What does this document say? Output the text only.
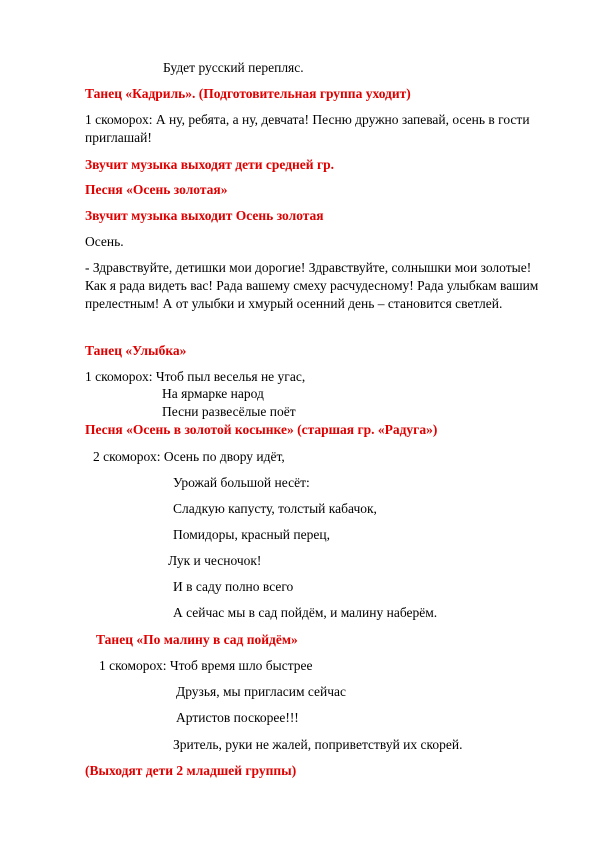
Будет русский перепляс.
Танец «Кадриль». (Подготовительная группа уходит)
1 скоморох: А ну, ребята, а ну, девчата! Песню дружно запевай, осень в гости
приглашай!
Звучит музыка выходят дети средней гр.
Песня «Осень золотая»
Звучит музыка выходит Осень золотая
Осень.
- Здравствуйте, детишки мои дорогие! Здравствуйте, солнышки мои золотые! Как я рада видеть вас! Рада вашему смеху расчудесному! Рада улыбкам вашим прелестным! А от улыбки и хмурый осенний день – становится светлей.
Танец «Улыбка»
1 скоморох: Чтоб пыл веселья не угас,
На ярмарке народ
Песни развесёлые поёт
Песня «Осень в золотой косынке» (старшая гр. «Радуга»)
2 скоморох: Осень по двору идёт,
Урожай большой несёт:
Сладкую капусту, толстый кабачок,
Помидоры, красный перец,
Лук и чесночок!
И в саду полно всего
А сейчас мы в сад пойдём, и малину наберём.
Танец «По малину в сад пойдём»
1 скоморох: Чтоб время шло быстрее
Друзья, мы пригласим сейчас
Артистов поскорее!!!
Зритель, руки не жалей, поприветствуй их скорей.
(Выходят дети 2 младшей группы)
